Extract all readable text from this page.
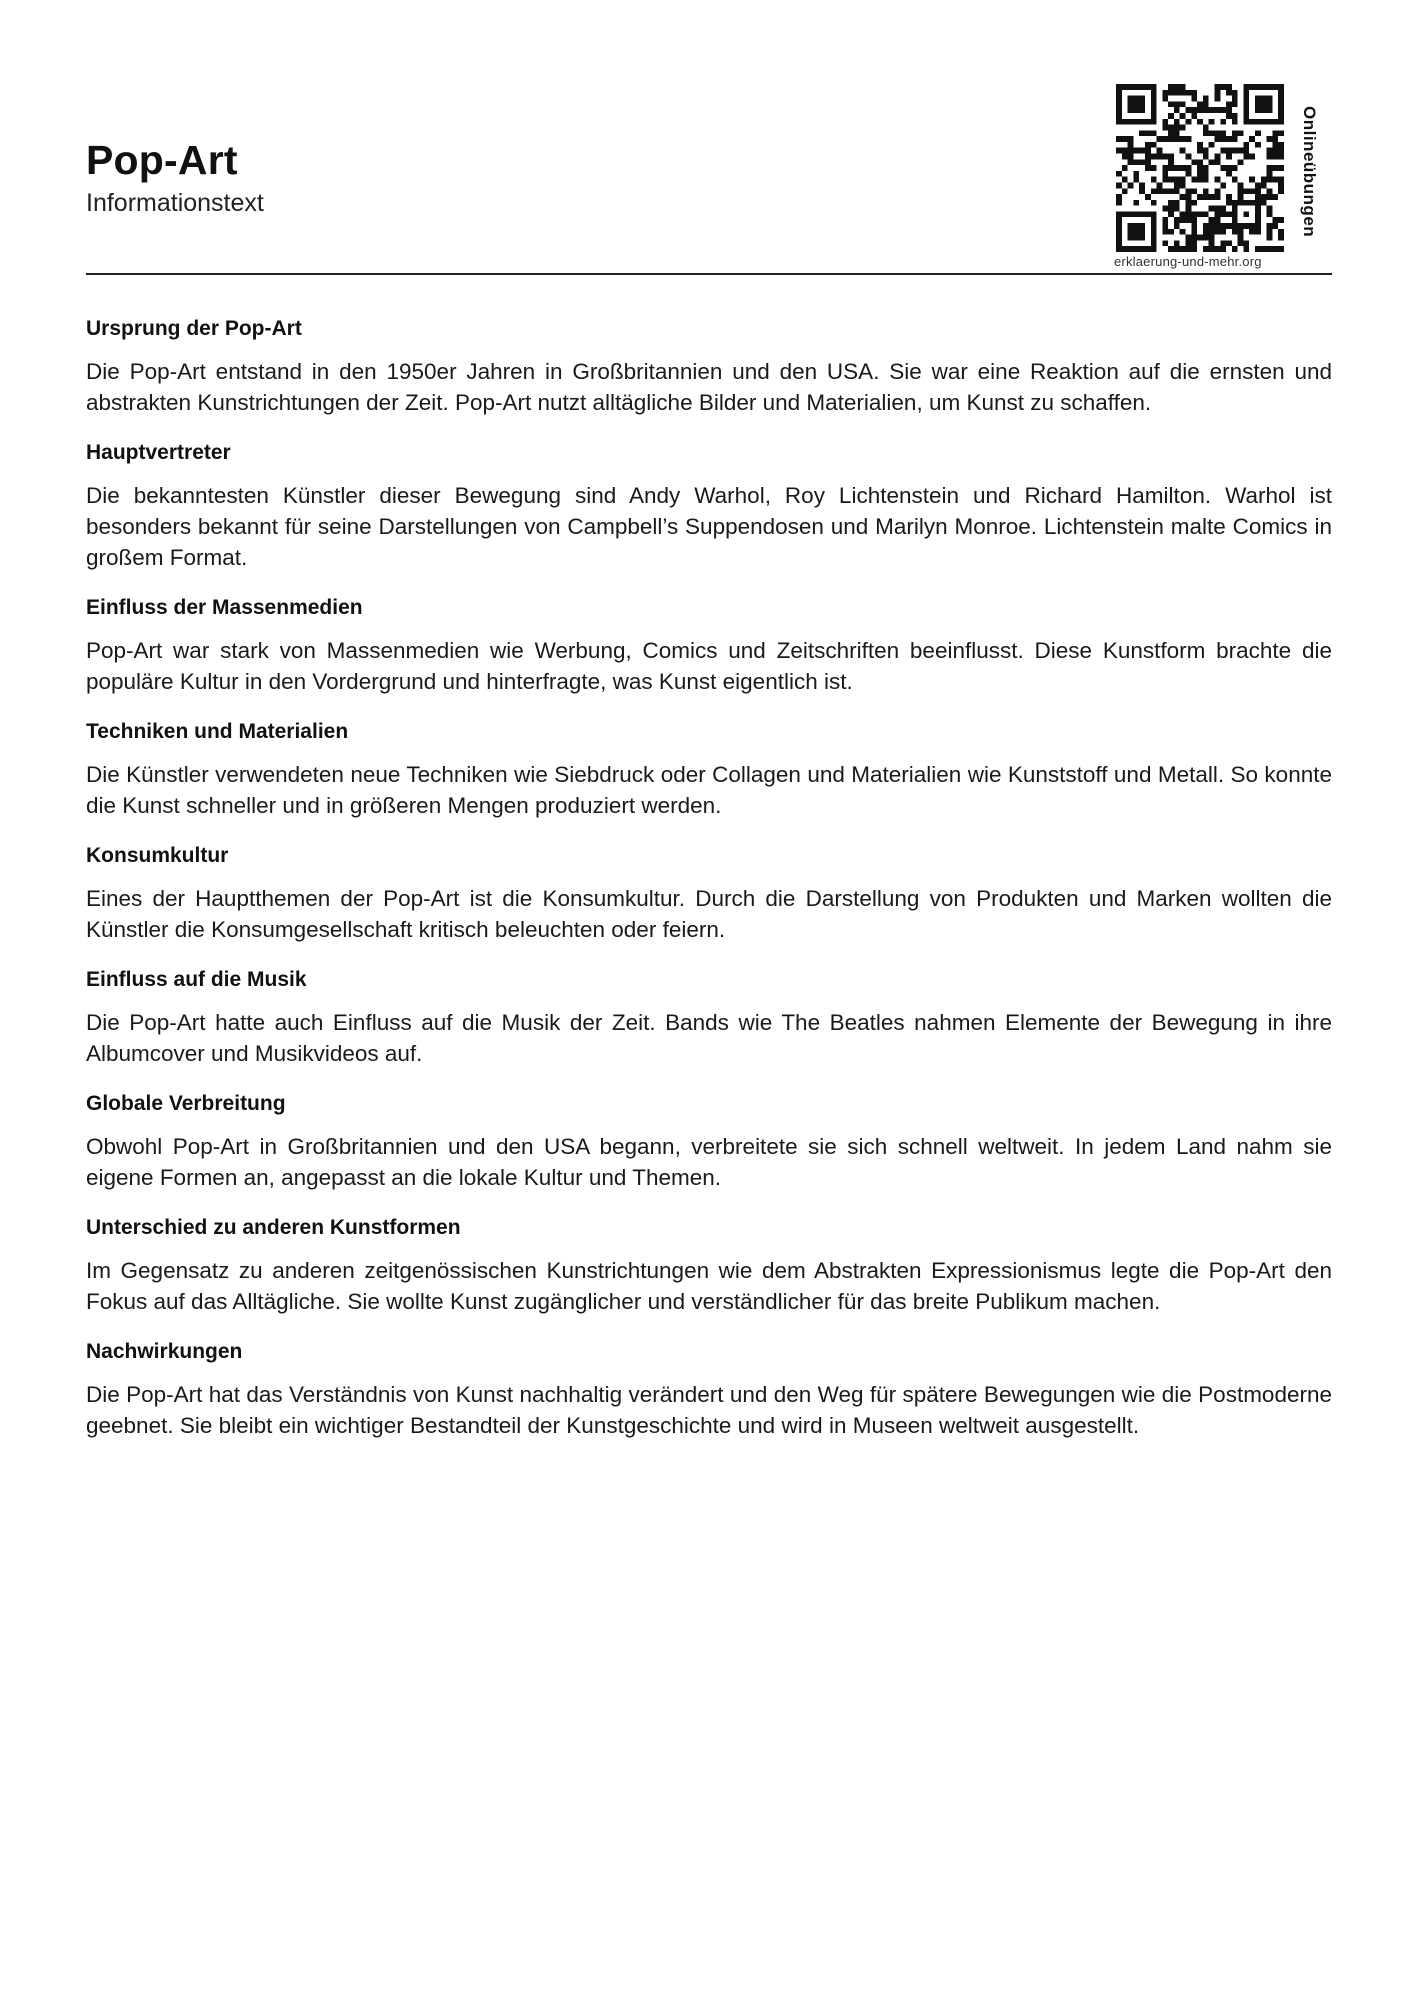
Pop-Art
Informationstext	Onlineübungen
erklaerung-und-mehr.org
Ursprung der Pop-Art

Die Pop-Art entstand in den 1950er Jahren in Großbritannien und den USA. Sie war eine Reaktion auf die ernsten und abstrakten Kunstrichtungen der Zeit. Pop-Art nutzt alltägliche Bilder und Materialien, um Kunst zu schaffen.

Hauptvertreter

Die bekanntesten Künstler dieser Bewegung sind Andy Warhol, Roy Lichtenstein und Richard Hamilton. Warhol ist besonders bekannt für seine Darstellungen von Campbell’s Suppendosen und Marilyn Monroe. Lichtenstein malte Comics in großem Format.

Einfluss der Massenmedien

Pop-Art war stark von Massenmedien wie Werbung, Comics und Zeitschriften beeinflusst. Diese Kunstform brachte die populäre Kultur in den Vordergrund und hinterfragte, was Kunst eigentlich ist.

Techniken und Materialien

Die Künstler verwendeten neue Techniken wie Siebdruck oder Collagen und Materialien wie Kunststoff und Metall. So konnte die Kunst schneller und in größeren Mengen produziert werden.

Konsumkultur

Eines der Hauptthemen der Pop-Art ist die Konsumkultur. Durch die Darstellung von Produkten und Marken wollten die Künstler die Konsumgesellschaft kritisch beleuchten oder feiern.

Einfluss auf die Musik

Die Pop-Art hatte auch Einfluss auf die Musik der Zeit. Bands wie The Beatles nahmen Elemente der Bewegung in ihre Albumcover und Musikvideos auf.

Globale Verbreitung

Obwohl Pop-Art in Großbritannien und den USA begann, verbreitete sie sich schnell weltweit. In jedem Land nahm sie eigene Formen an, angepasst an die lokale Kultur und Themen.

Unterschied zu anderen Kunstformen

Im Gegensatz zu anderen zeitgenössischen Kunstrichtungen wie dem Abstrakten Expressionismus legte die Pop-Art den Fokus auf das Alltägliche. Sie wollte Kunst zugänglicher und verständlicher für das breite Publikum machen.

Nachwirkungen

Die Pop-Art hat das Verständnis von Kunst nachhaltig verändert und den Weg für spätere Bewegungen wie die Postmoderne geebnet. Sie bleibt ein wichtiger Bestandteil der Kunstgeschichte und wird in Museen weltweit ausgestellt.
